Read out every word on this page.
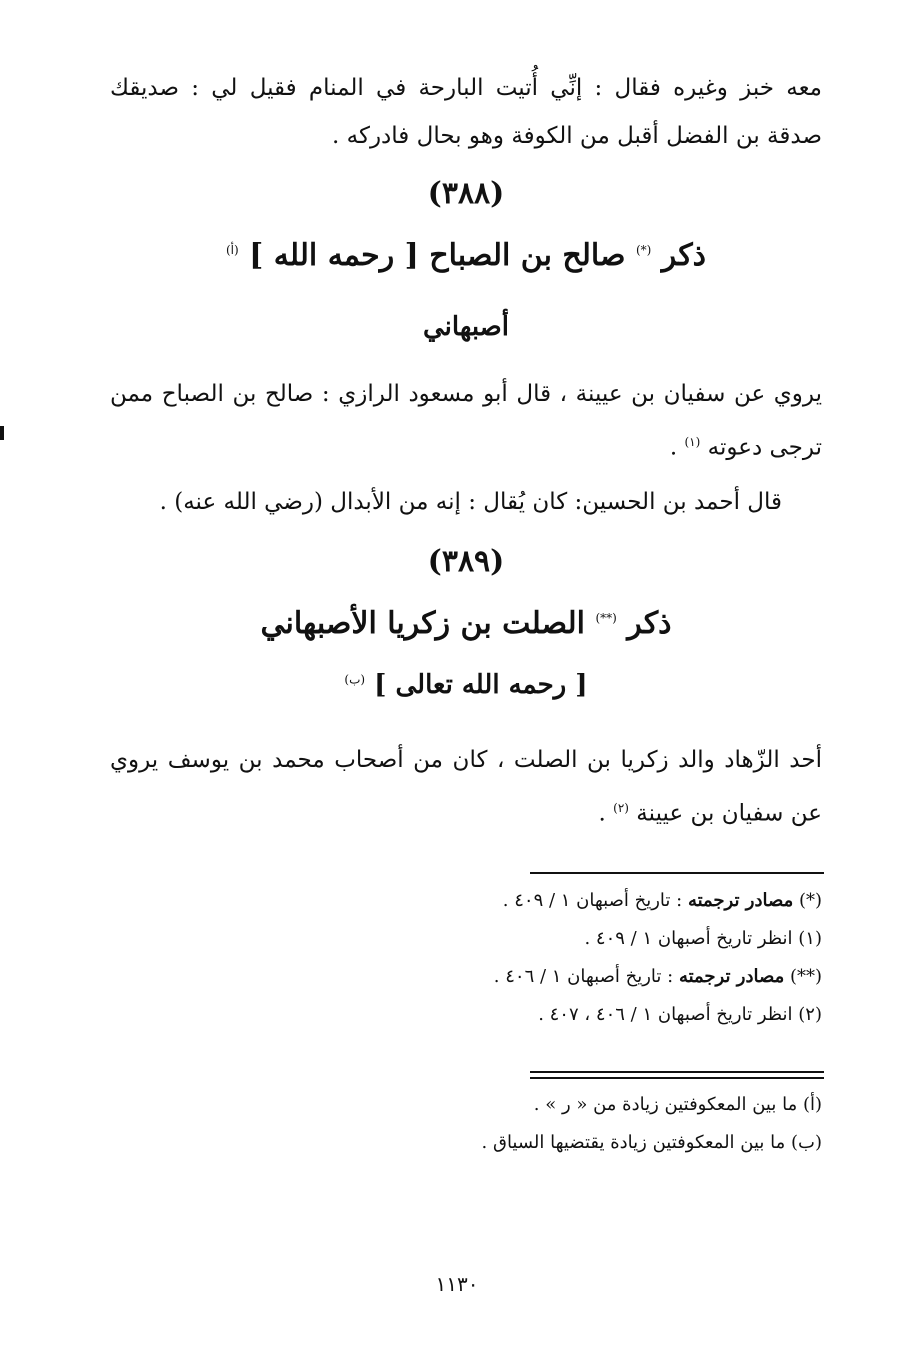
معه خبز وغيره فقال : إنِّي أُتيت البارحة في المنام فقيل لي : صديقك

صدقة بن الفضل أقبل من الكوفة وهو بحال فادركه .

(٣٨٨)
ذكر (*) صالح بن الصباح [ رحمه الله ] $^{(أ)}$
أصبهاني

يروي عن سفيان بن عيينة ، قال أبو مسعود الرازي : صالح بن الصباح ممن ترجى دعوته $^{(١)}$ .

قال أحمد بن الحسين: كان يُقال : إنه من الأبدال (رضي الله عنه) .

(٣٨٩)
ذكر (**) الصلت بن زكريا الأصبهاني
[ رحمه الله تعالى ] $^{(ب)}$

أحد الزّهاد والد زكريا بن الصلت ، كان من أصحاب محمد بن يوسف يروي عن سفيان بن عيينة $^{(٢)}$ .

(*) مصادر ترجمته : تاريخ أصبهان ١ / ٤٠٩ .

(١) انظر تاريخ أصبهان ١ / ٤٠٩ .

(**) مصادر ترجمته : تاريخ أصبهان ١ / ٤٠٦ .

(٢) انظر تاريخ أصبهان ١ / ٤٠٦ ، ٤٠٧ .

(أ) ما بين المعكوفتين زيادة من « ر » .

(ب) ما بين المعكوفتين زيادة يقتضيها السياق .

١١٣٠
